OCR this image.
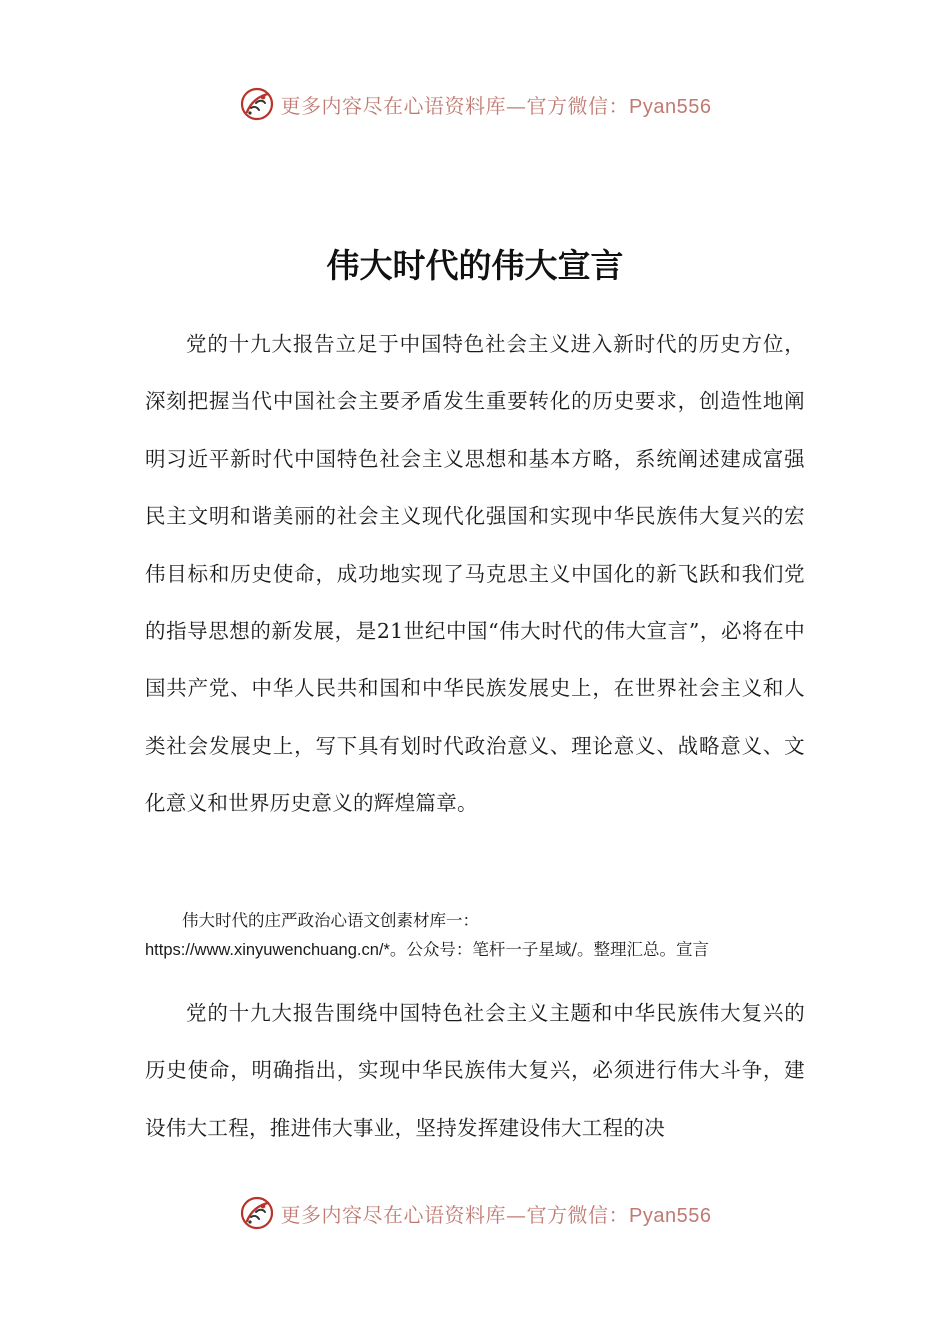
更多内容尽在心语资料库—官方微信：Pyan556
伟大时代的伟大宣言

党的十九大报告立足于中国特色社会主义进入新时代的历史方位，深刻把握当代中国社会主要矛盾发生重要转化的历史要求，创造性地阐明习近平新时代中国特色社会主义思想和基本方略，系统阐述建成富强民主文明和谐美丽的社会主义现代化强国和实现中华民族伟大复兴的宏伟目标和历史使命，成功地实现了马克思主义中国化的新飞跃和我们党的指导思想的新发展，是21世纪中国“伟大时代的伟大宣言”，必将在中国共产党、中华人民共和国和中华民族发展史上，在世界社会主义和人类社会发展史上，写下具有划时代政治意义、理论意义、战略意义、文化意义和世界历史意义的辉煌篇章。

伟大时代的庄严政治心语文创素材库一：
https://www.xinyuwenchuang.cn/*。公众号：笔杆一子星域/。整理汇总。宣言

党的十九大报告围绕中国特色社会主义主题和中华民族伟大复兴的历史使命，明确指出，实现中华民族伟大复兴，必须进行伟大斗争，建设伟大工程，推进伟大事业，坚持发挥建设伟大工程的决

更多内容尽在心语资料库—官方微信：Pyan556
